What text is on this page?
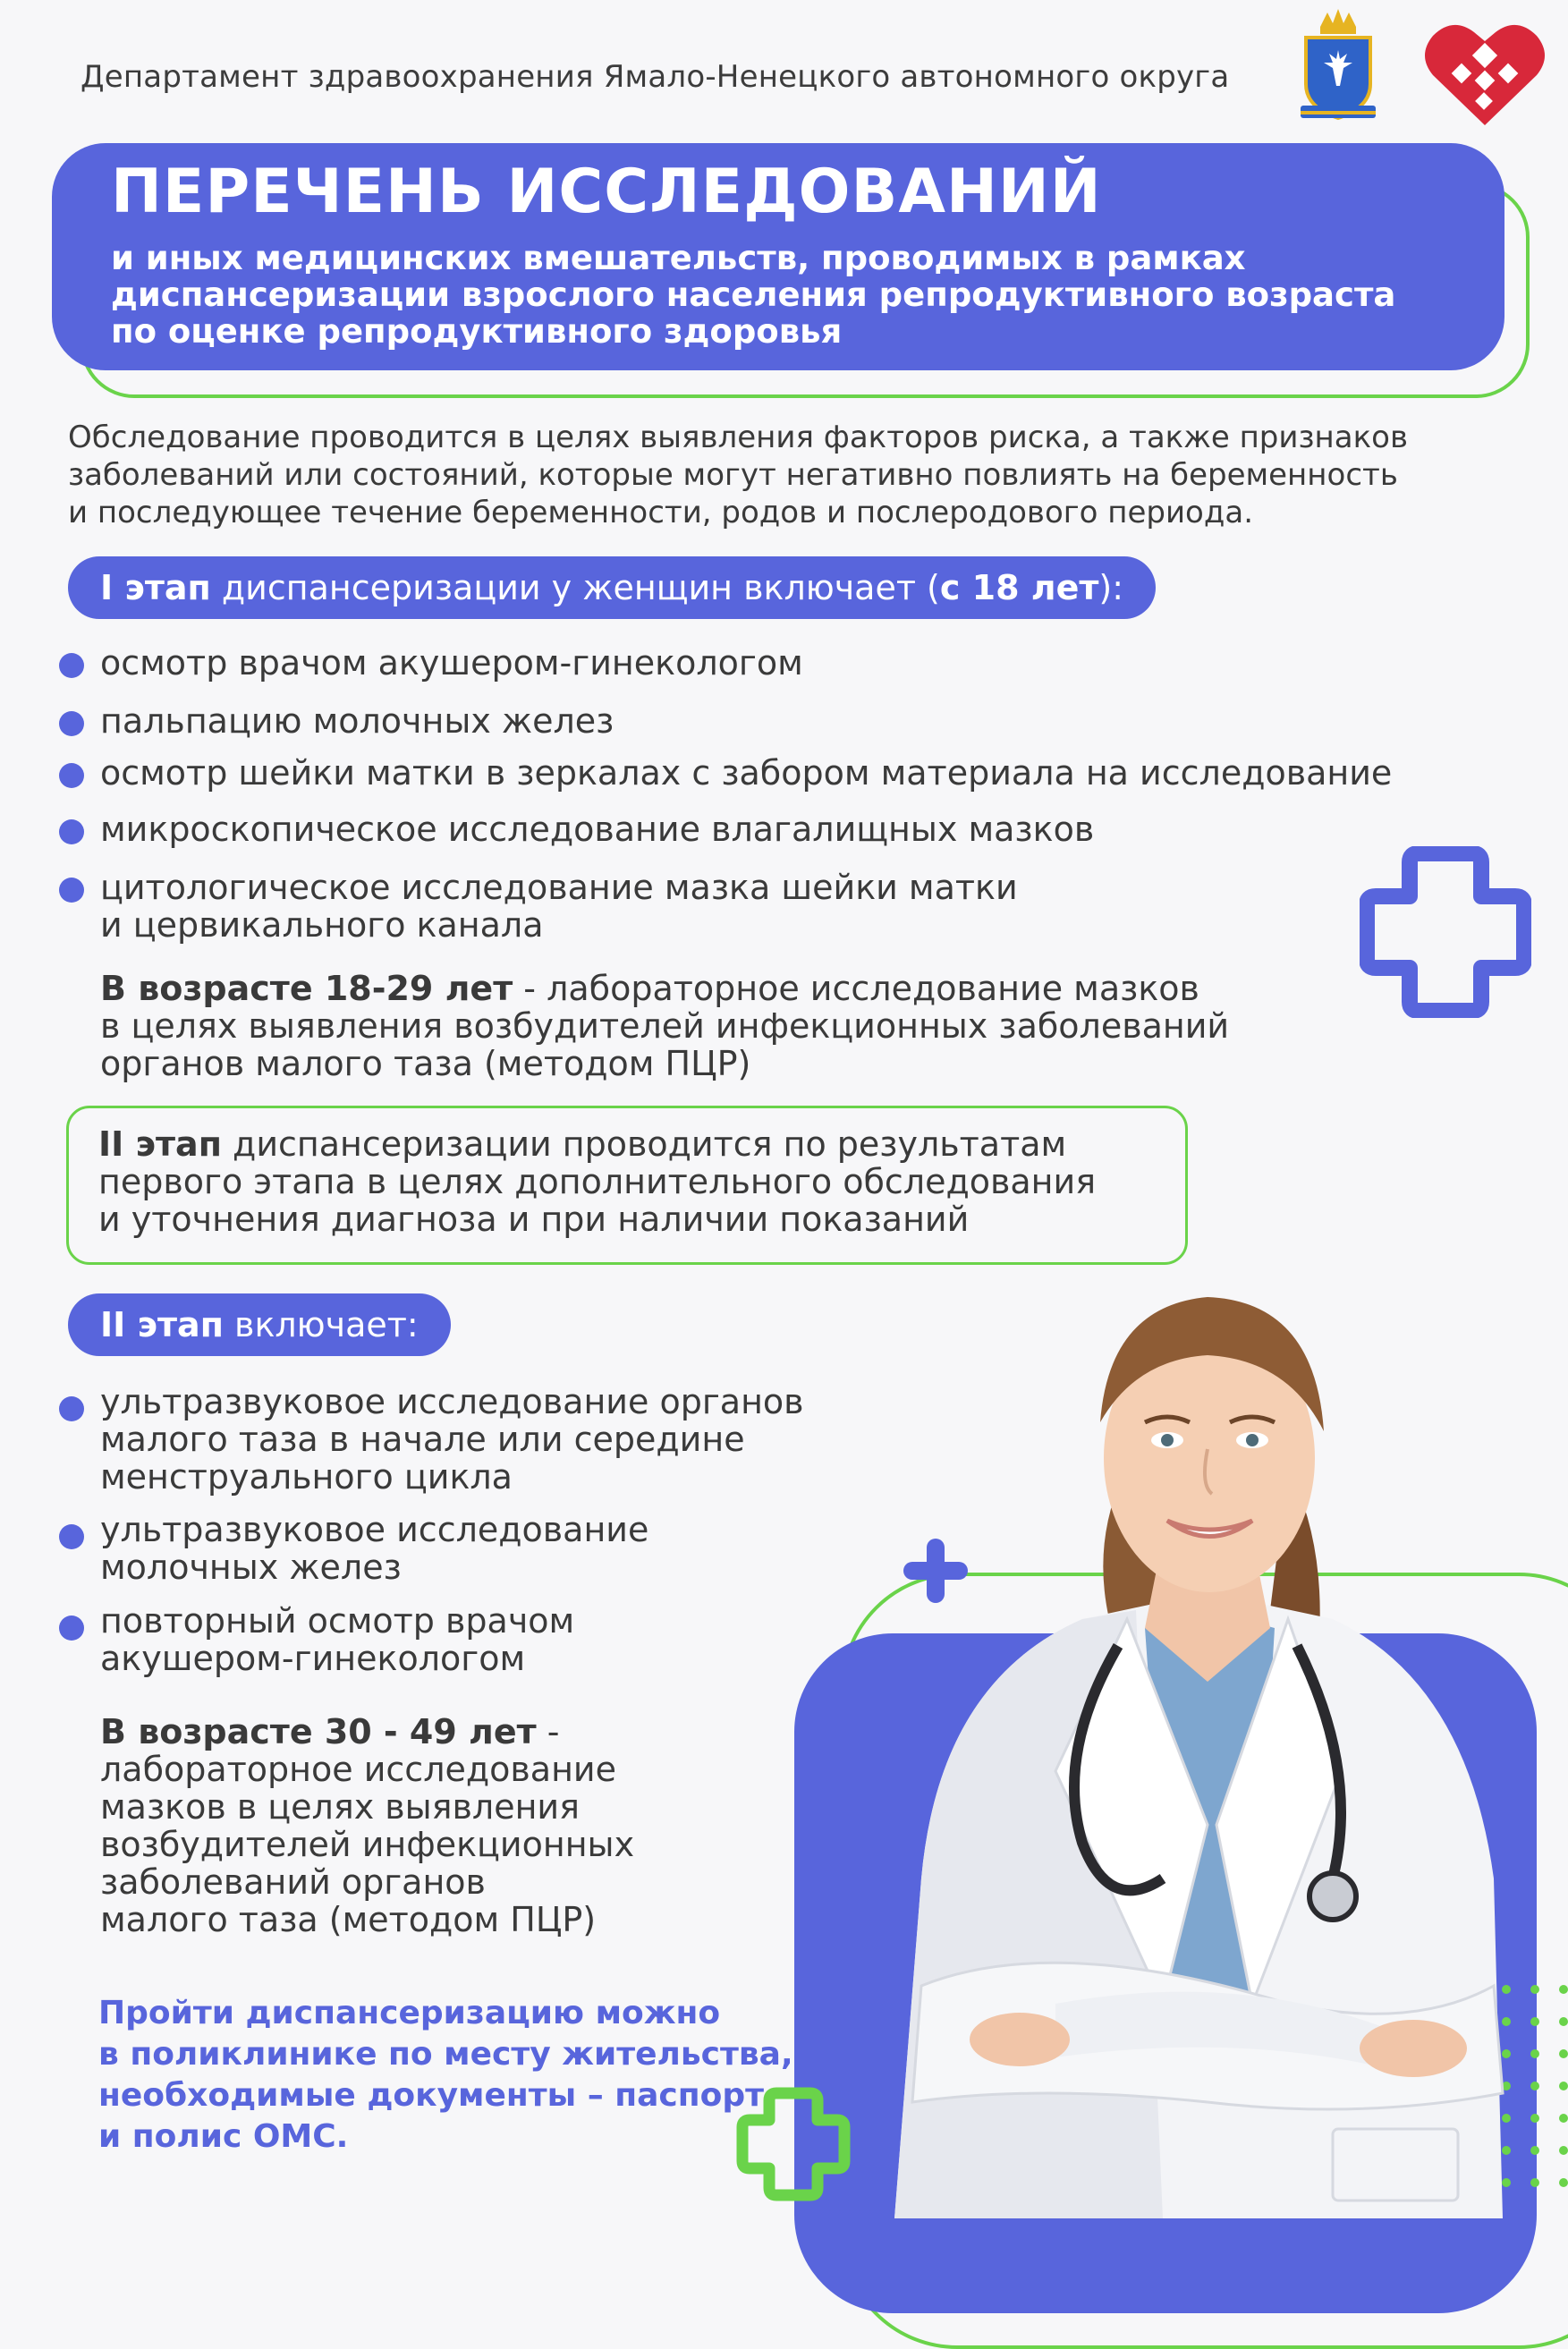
Департамент здравоохранения Ямало-Ненецкого автономного округа
ПЕРЕЧЕНЬ ИССЛЕДОВАНИЙ
и иных медицинских вмешательств, проводимых в рамках
диспансеризации взрослого населения репродуктивного возраста
по оценке репродуктивного здоровья
Обследование проводится в целях выявления факторов риска, а также признаков
заболеваний или состояний, которые могут негативно повлиять на беременность
и последующее течение беременности, родов и послеродового периода.
I этап диспансеризации у женщин включает (с 18 лет):
осмотр врачом акушером-гинекологом
пальпацию молочных желез
осмотр шейки матки в зеркалах с забором материала на исследование
микроскопическое исследование влагалищных мазков
цитологическое исследование мазка шейки матки
и цервикального канала
В возрасте 18-29 лет - лабораторное исследование мазков
в целях выявления возбудителей инфекционных заболеваний
органов малого таза (методом ПЦР)
II этап диспансеризации проводится по результатам
первого этапа в целях дополнительного обследования
и уточнения диагноза и при наличии показаний
II этап включает:
ультразвуковое исследование органов
малого таза в начале или середине
менструального цикла
ультразвуковое исследование
молочных желез
повторный осмотр врачом
акушером-гинекологом
В возрасте 30 - 49 лет -
лабораторное исследование
мазков в целях выявления
возбудителей инфекционных
заболеваний органов
малого таза (методом ПЦР)
Пройти диспансеризацию можно
в поликлинике по месту жительства,
необходимые документы – паспорт
и полис ОМС.
